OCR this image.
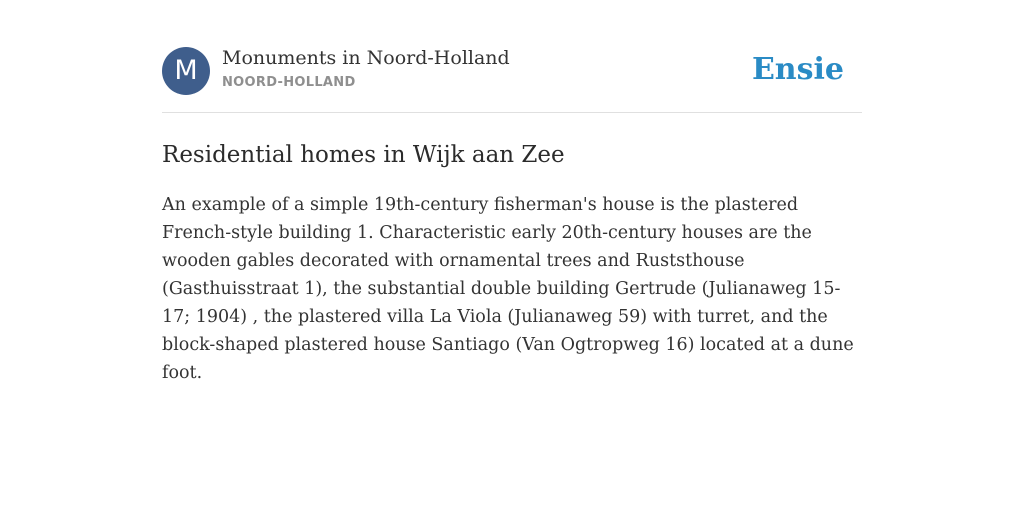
M	Monuments in Noord-Holland
NOORD-HOLLAND	Ensie
Residential homes in Wijk aan Zee

An example of a simple 19th-century fisherman's house is the plastered French-style building 1. Characteristic early 20th-century houses are the wooden gables decorated with ornamental trees and Ruststhouse (Gasthuisstraat 1), the substantial double building Gertrude (Julianaweg 15-17; 1904) , the plastered villa La Viola (Julianaweg 59) with turret, and the block-shaped plastered house Santiago (Van Ogtropweg 16) located at a dune foot.
